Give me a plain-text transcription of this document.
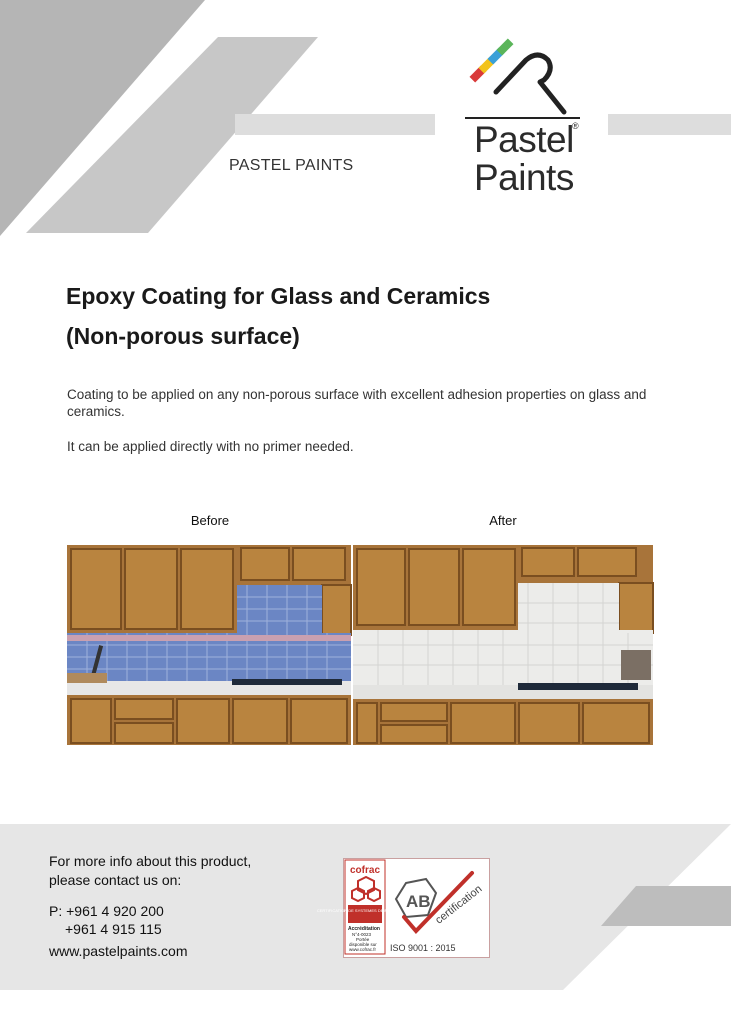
Pastel
Paints
®
PASTEL PAINTS
Epoxy Coating for Glass and Ceramics
(Non-porous surface)

Coating to be applied on any non-porous surface with excellent adhesion properties on glass and ceramics.

It can be applied directly with no primer needed.

Before	After
For more info about this product,
please contact us on:
P: +961 4 920 200
+961 4 915 115
www.pastelpaints.com
cofrac
CERTIFICATION DE SYSTEMES DE MANAGEMENT
Accréditation
N°4-0023
Portée
disponible sur
www.cofrac.fr
AB certification
ISO 9001 : 2015
